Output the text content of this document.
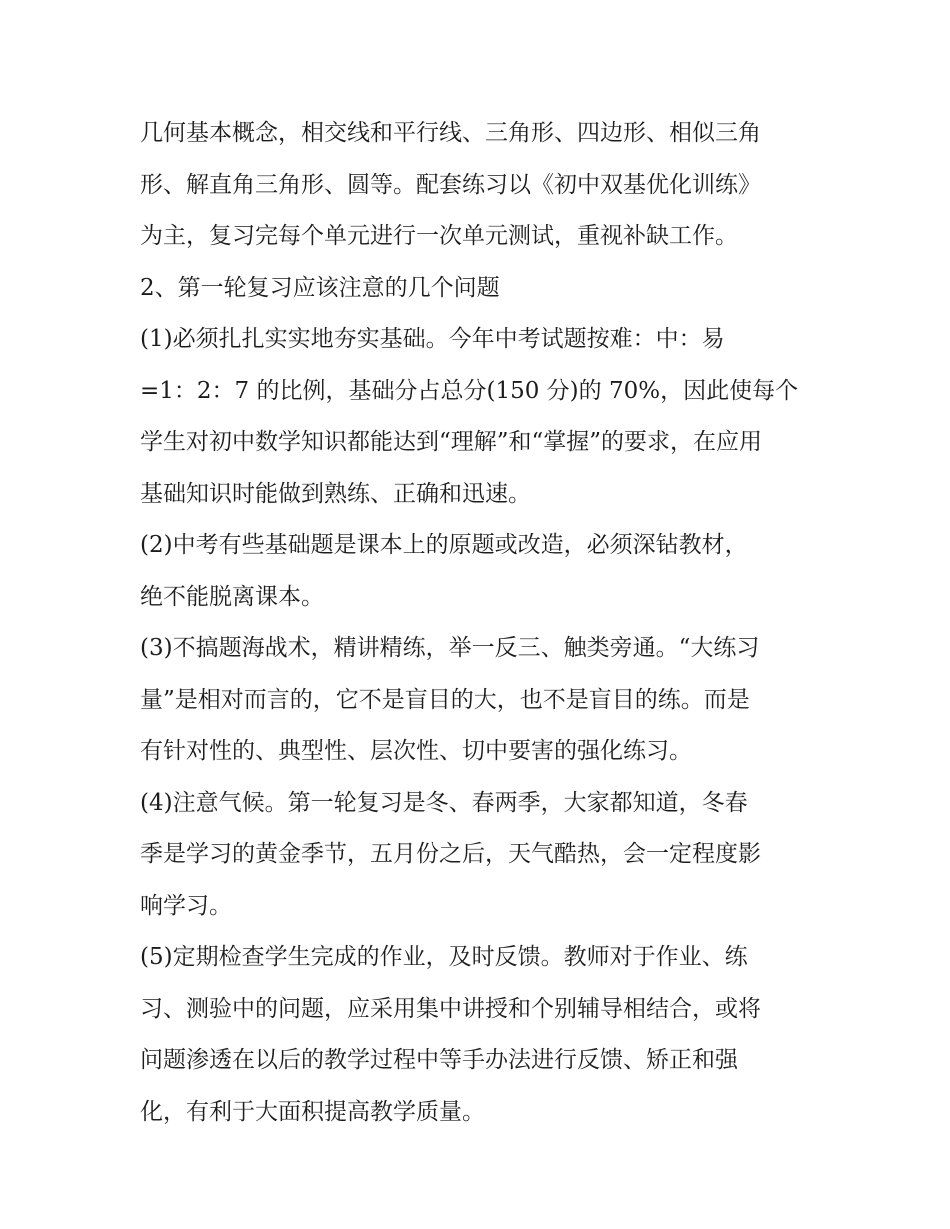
几何基本概念，相交线和平行线、三角形、四边形、相似三角
形、解直角三角形、圆等。配套练习以《初中双基优化训练》
为主，复习完每个单元进行一次单元测试，重视补缺工作。
2、第一轮复习应该注意的几个问题
(1)必须扎扎实实地夯实基础。今年中考试题按难：中：易
=1：2：7 的比例，基础分占总分(150 分)的 70%，因此使每个
学生对初中数学知识都能达到“理解”和“掌握”的要求，在应用
基础知识时能做到熟练、正确和迅速。
(2)中考有些基础题是课本上的原题或改造，必须深钻教材，
绝不能脱离课本。
(3)不搞题海战术，精讲精练，举一反三、触类旁通。“大练习
量”是相对而言的，它不是盲目的大，也不是盲目的练。而是
有针对性的、典型性、层次性、切中要害的强化练习。
(4)注意气候。第一轮复习是冬、春两季，大家都知道，冬春
季是学习的黄金季节，五月份之后，天气酷热，会一定程度影
响学习。
(5)定期检查学生完成的作业，及时反馈。教师对于作业、练
习、测验中的问题，应采用集中讲授和个别辅导相结合，或将
问题渗透在以后的教学过程中等手办法进行反馈、矫正和强
化，有利于大面积提高教学质量。
